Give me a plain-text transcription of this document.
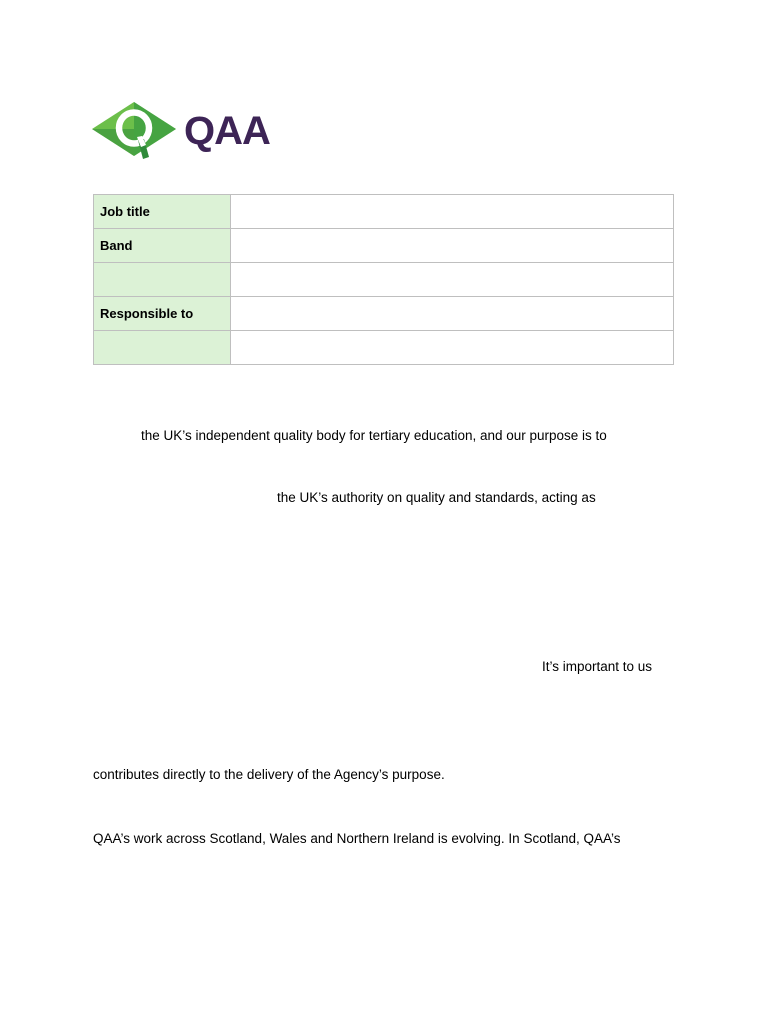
QAA
Job title	
Band	

Responsible to	

the UK’s independent quality body for tertiary education, and our purpose is to
the UK’s authority on quality and standards, acting as
It’s important to us
contributes directly to the delivery of the Agency’s purpose.
QAA’s work across Scotland, Wales and Northern Ireland is evolving. In Scotland, QAA’s
